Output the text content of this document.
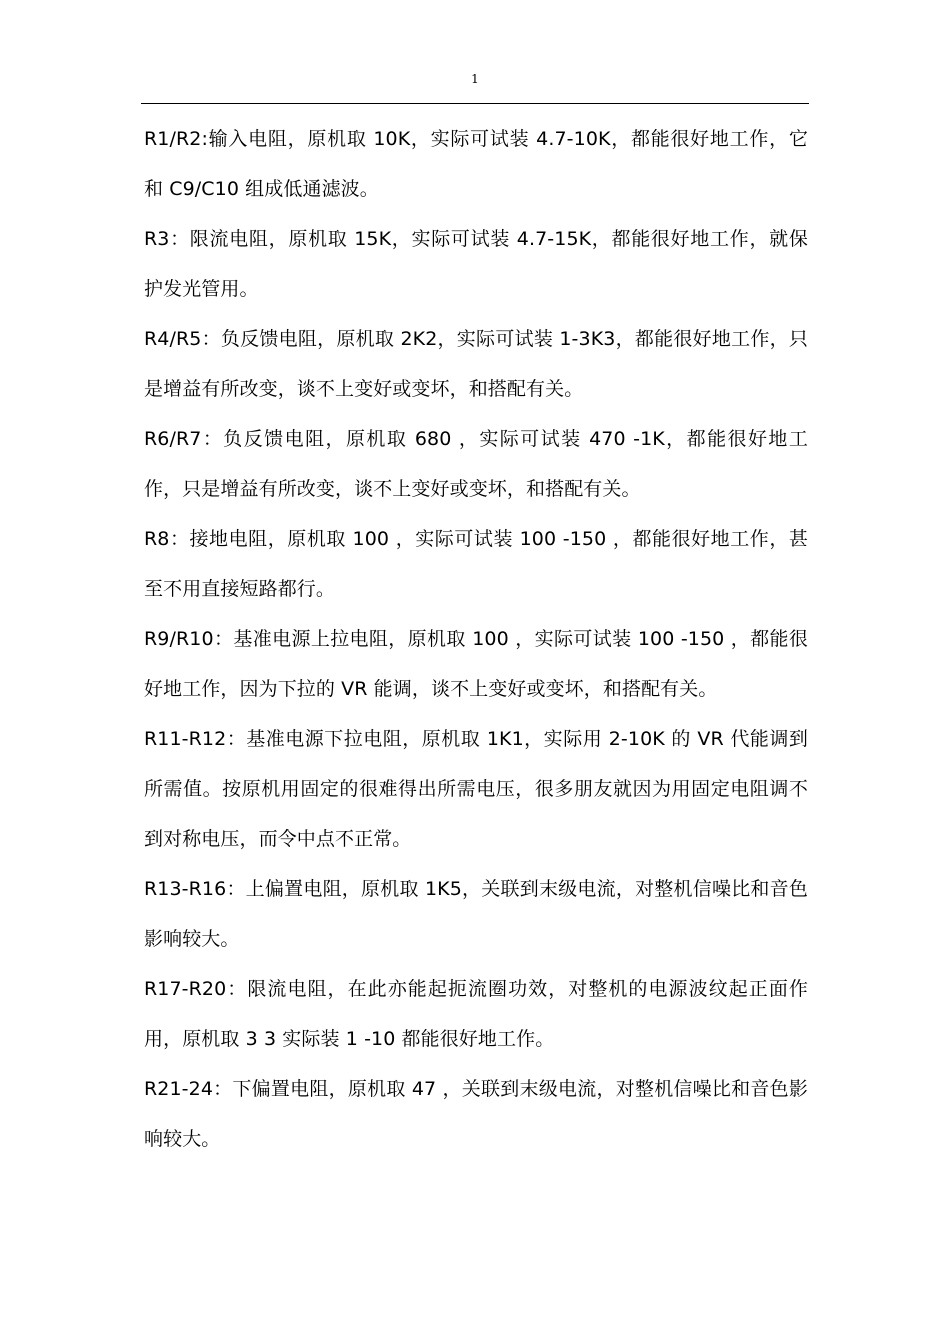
1

R1/R2:输入电阻，原机取 10K，实际可试装 4.7-10K，都能很好地工作，它和 C9/C10 组成低通滤波。

R3：限流电阻，原机取 15K，实际可试装 4.7-15K，都能很好地工作，就保护发光管用。

R4/R5：负反馈电阻，原机取 2K2，实际可试装 1-3K3，都能很好地工作，只是增益有所改变，谈不上变好或变坏，和搭配有关。

R6/R7：负反馈电阻，原机取 680 ，实际可试装 470 -1K，都能很好地工作，只是增益有所改变，谈不上变好或变坏，和搭配有关。

R8：接地电阻，原机取 100 ，实际可试装 100 -150 ，都能很好地工作，甚至不用直接短路都行。

R9/R10：基准电源上拉电阻，原机取 100 ，实际可试装 100 -150 ，都能很好地工作，因为下拉的 VR 能调，谈不上变好或变坏，和搭配有关。

R11-R12：基准电源下拉电阻，原机取 1K1，实际用 2-10K 的 VR 代能调到所需值。按原机用固定的很难得出所需电压，很多朋友就因为用固定电阻调不到对称电压，而令中点不正常。

R13-R16：上偏置电阻，原机取 1K5，关联到末级电流，对整机信噪比和音色影响较大。

R17-R20：限流电阻，在此亦能起扼流圈功效，对整机的电源波纹起正面作用，原机取 3 3 实际装 1 -10 都能很好地工作。

R21-24：下偏置电阻，原机取 47 ，关联到末级电流，对整机信噪比和音色影响较大。
